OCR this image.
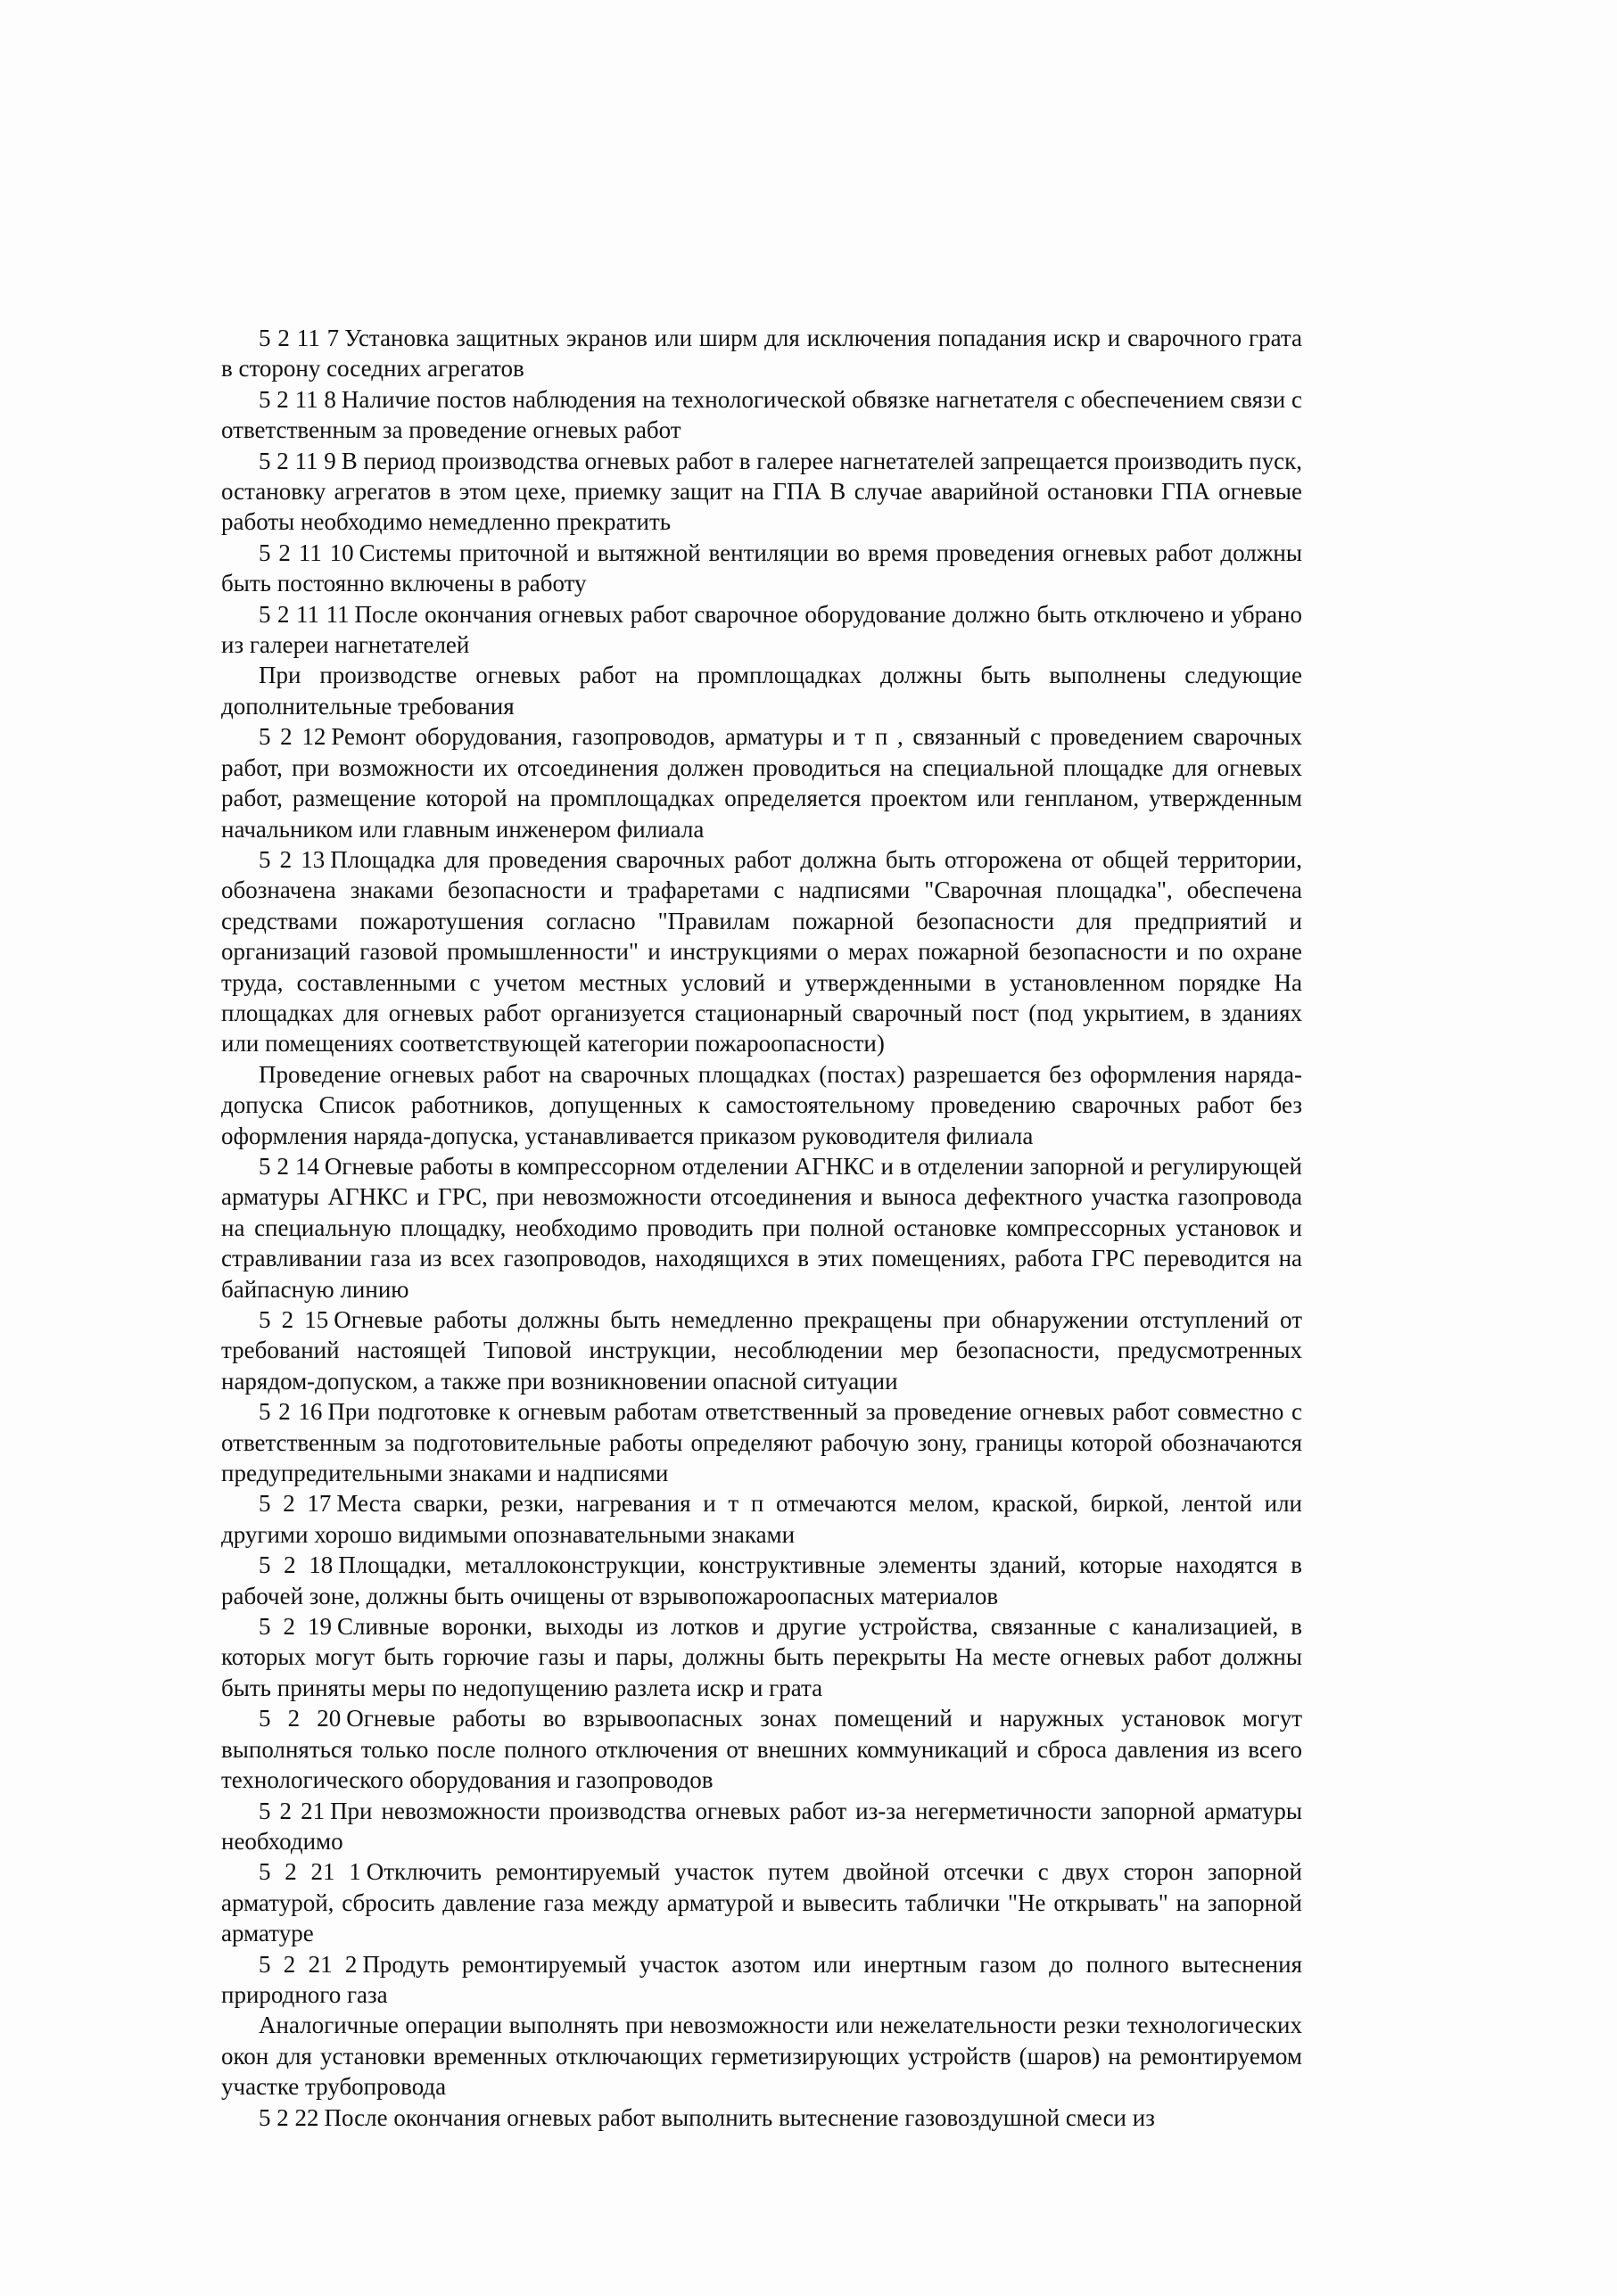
5 2 11 7 Установка защитных экранов или ширм для исключения попадания искр и сварочного грата в сторону соседних агрегатов

5 2 11 8 Наличие постов наблюдения на технологической обвязке нагнетателя с обеспечением связи с ответственным за проведение огневых работ

5 2 11 9 В период производства огневых работ в галерее нагнетателей запрещается производить пуск, остановку агрегатов в этом цехе, приемку защит на ГПА В случае аварийной остановки ГПА огневые работы необходимо немедленно прекратить

5 2 11 10 Системы приточной и вытяжной вентиляции во время проведения огневых работ должны быть постоянно включены в работу

5 2 11 11 После окончания огневых работ сварочное оборудование должно быть отключено и убрано из галереи нагнетателей

При производстве огневых работ на промплощадках должны быть выполнены следующие дополнительные требования

5 2 12 Ремонт оборудования, газопроводов, арматуры и т п , связанный с проведением сварочных работ, при возможности их отсоединения должен проводиться на специальной площадке для огневых работ, размещение которой на промплощадках определяется проектом или генпланом, утвержденным начальником или главным инженером филиала

5 2 13 Площадка для проведения сварочных работ должна быть отгорожена от общей территории, обозначена знаками безопасности и трафаретами с надписями "Сварочная площадка", обеспечена средствами пожаротушения согласно "Правилам пожарной безопасности для предприятий и организаций газовой промышленности" и инструкциями о мерах пожарной безопасности и по охране труда, составленными с учетом местных условий и утвержденными в установленном порядке На площадках для огневых работ организуется стационарный сварочный пост (под укрытием, в зданиях или помещениях соответствующей категории пожароопасности)

Проведение огневых работ на сварочных площадках (постах) разрешается без оформления наряда-допуска Список работников, допущенных к самостоятельному проведению сварочных работ без оформления наряда-допуска, устанавливается приказом руководителя филиала

5 2 14 Огневые работы в компрессорном отделении АГНКС и в отделении запорной и регулирующей арматуры АГНКС и ГРС, при невозможности отсоединения и выноса дефектного участка газопровода на специальную площадку, необходимо проводить при полной остановке компрессорных установок и стравливании газа из всех газопроводов, находящихся в этих помещениях, работа ГРС переводится на байпасную линию

5 2 15 Огневые работы должны быть немедленно прекращены при обнаружении отступлений от требований настоящей Типовой инструкции, несоблюдении мер безопасности, предусмотренных нарядом-допуском, а также при возникновении опасной ситуации

5 2 16 При подготовке к огневым работам ответственный за проведение огневых работ совместно с ответственным за подготовительные работы определяют рабочую зону, границы которой обозначаются предупредительными знаками и надписями

5 2 17 Места сварки, резки, нагревания и т п отмечаются мелом, краской, биркой, лентой или другими хорошо видимыми опознавательными знаками

5 2 18 Площадки, металлоконструкции, конструктивные элементы зданий, которые находятся в рабочей зоне, должны быть очищены от взрывопожароопасных материалов

5 2 19 Сливные воронки, выходы из лотков и другие устройства, связанные с канализацией, в которых могут быть горючие газы и пары, должны быть перекрыты На месте огневых работ должны быть приняты меры по недопущению разлета искр и грата

5 2 20 Огневые работы во взрывоопасных зонах помещений и наружных установок могут выполняться только после полного отключения от внешних коммуникаций и сброса давления из всего технологического оборудования и газопроводов

5 2 21 При невозможности производства огневых работ из-за негерметичности запорной арматуры необходимо

5 2 21 1 Отключить ремонтируемый участок путем двойной отсечки с двух сторон запорной арматурой, сбросить давление газа между арматурой и вывесить таблички "Не открывать" на запорной арматуре

5 2 21 2 Продуть ремонтируемый участок азотом или инертным газом до полного вытеснения природного газа

Аналогичные операции выполнять при невозможности или нежелательности резки технологических окон для установки временных отключающих герметизирующих устройств (шаров) на ремонтируемом участке трубопровода

5 2 22 После окончания огневых работ выполнить вытеснение газовоздушной смеси из
